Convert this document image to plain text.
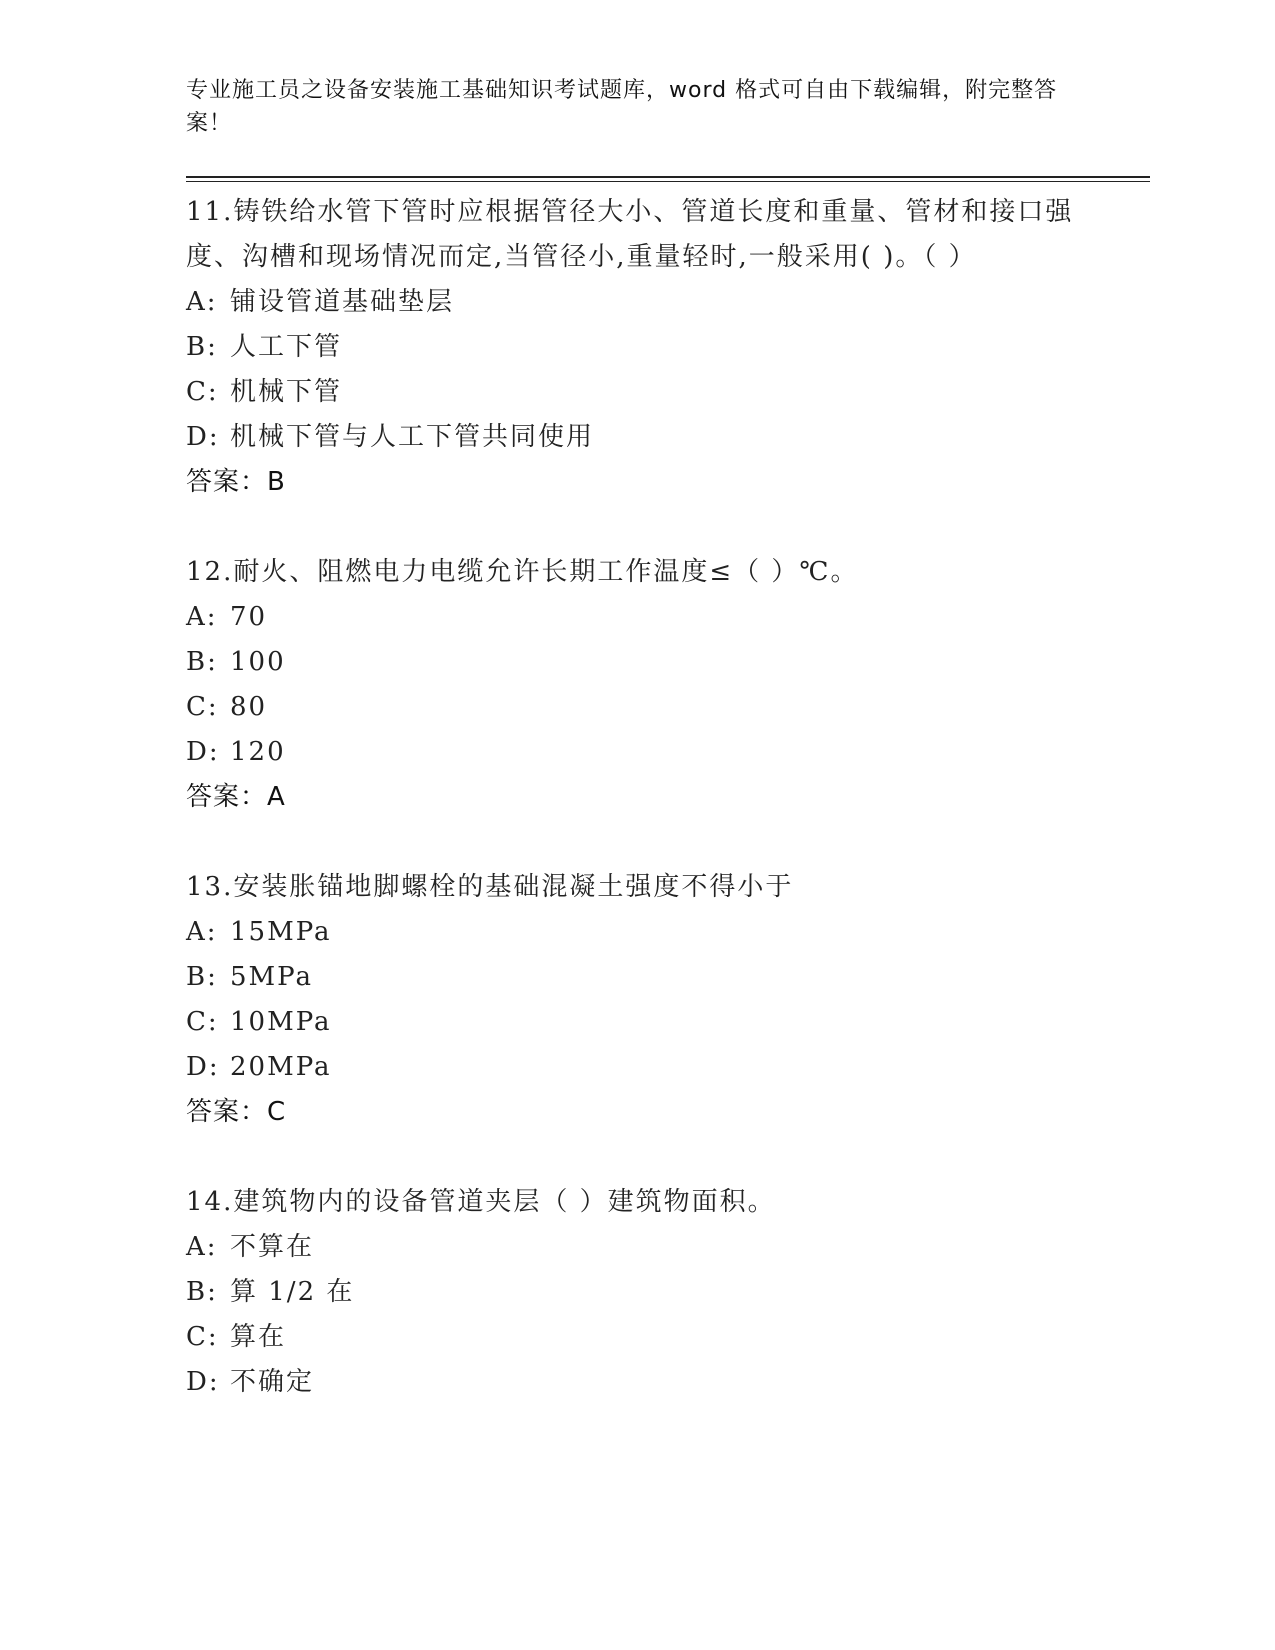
专业施工员之设备安装施工基础知识考试题库，word 格式可自由下载编辑，附完整答案！

11.铸铁给水管下管时应根据管径大小、管道长度和重量、管材和接口强度、沟槽和现场情况而定,当管径小,重量轻时,一般采用( )。（ ）

A: 铺设管道基础垫层

B: 人工下管

C: 机械下管

D: 机械下管与人工下管共同使用

答案：B

12.耐火、阻燃电力电缆允许长期工作温度≤（ ）℃。

A: 70

B: 100

C: 80

D: 120

答案：A

13.安装胀锚地脚螺栓的基础混凝土强度不得小于

A: 15MPa

B: 5MPa

C: 10MPa

D: 20MPa

答案：C

14.建筑物内的设备管道夹层（ ）建筑物面积。

A: 不算在

B: 算 1/2 在

C: 算在

D: 不确定
